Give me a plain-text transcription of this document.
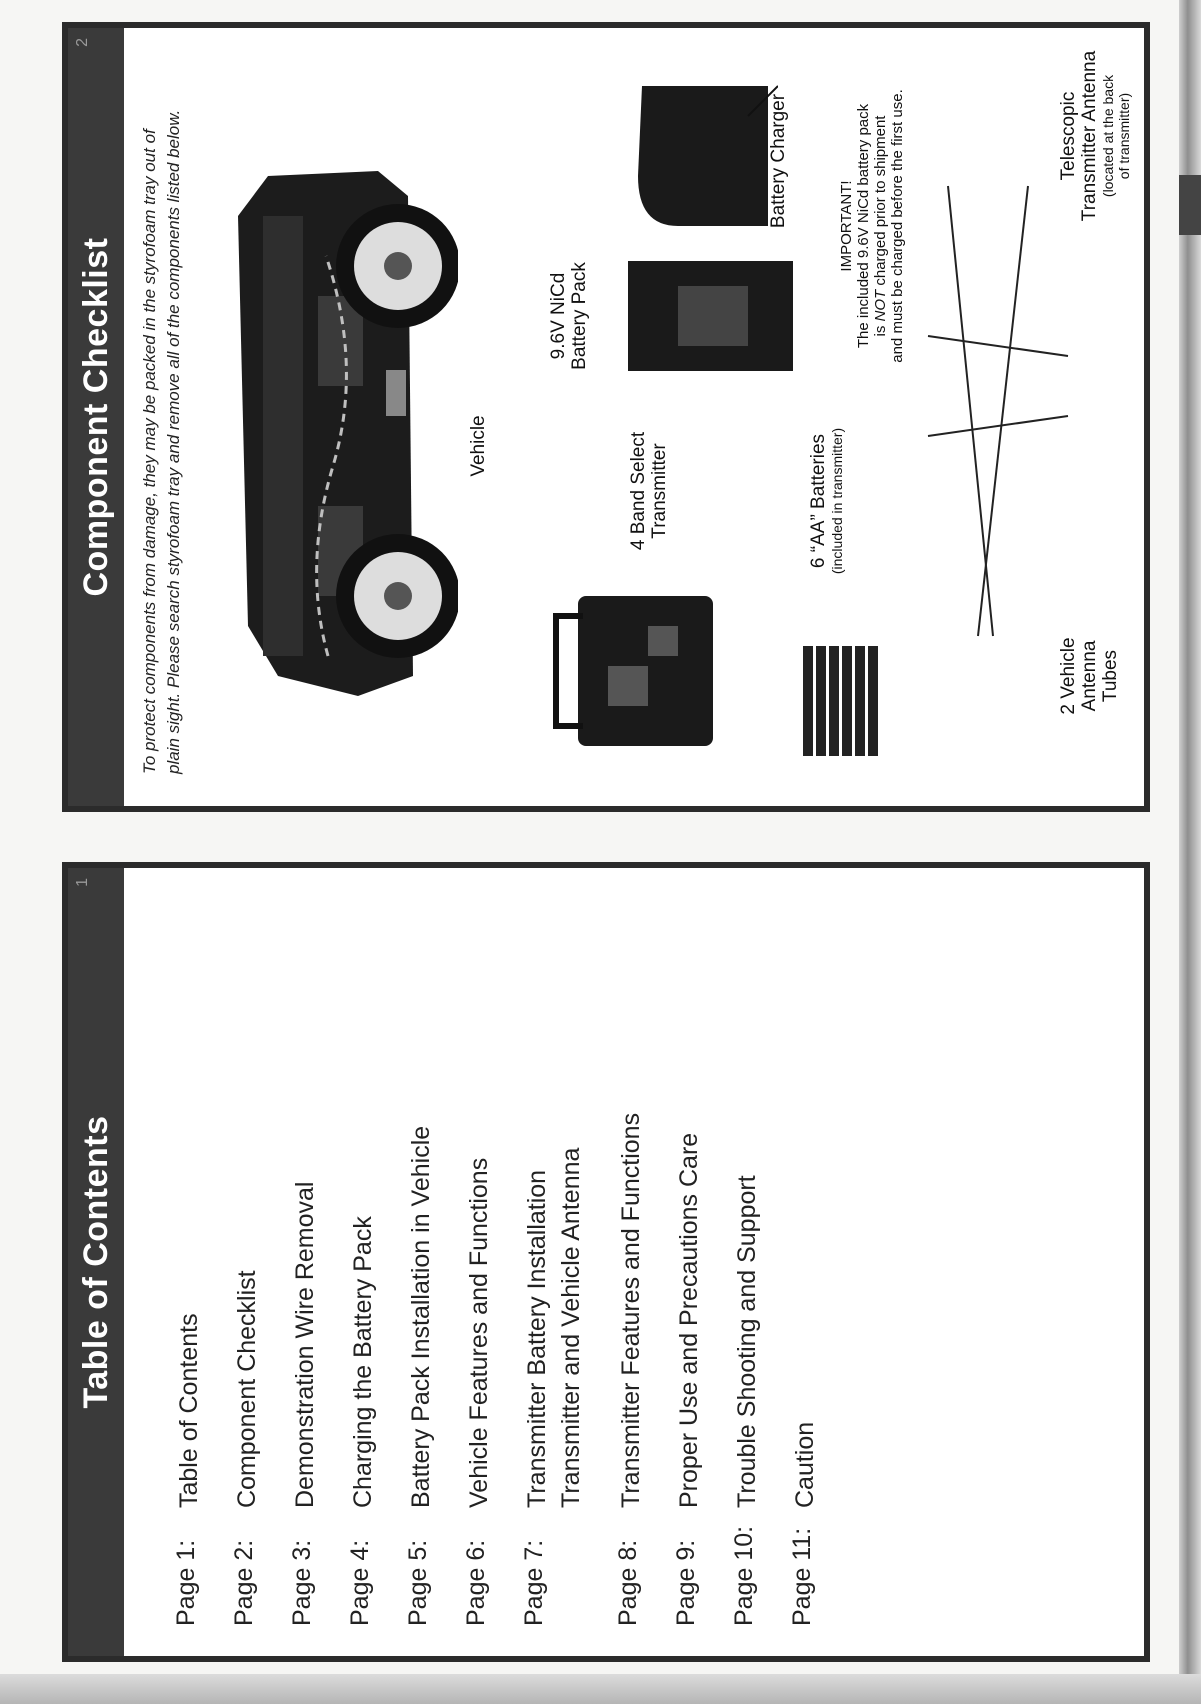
Table of Contents
1
Page 1:
Table of Contents
Page 2:
Component Checklist
Page 3:
Demonstration Wire Removal
Page 4:
Charging the Battery Pack
Page 5:
Battery Pack Installation in Vehicle
Page 6:
Vehicle Features and Functions
Page 7:
Transmitter Battery Installation Transmitter and Vehicle Antenna
Page 8:
Transmitter Features and Functions
Page 9:
Proper Use and Precautions Care
Page 10:
Trouble Shooting and Support
Page 11:
Caution
Component Checklist
2
To protect components from damage, they may be packed in the styrofoam tray out of plain sight. Please search styrofoam tray and remove all of the components listed below.	Vehicle
Battery Charger
9.6V NiCd
Battery Pack
4 Band Select
Transmitter	6 “AA” Batteries (included in transmitter)
IMPORTANT!
The included 9.6V NiCd battery pack
is NOT charged prior to shipment
and must be charged before the first use.
2 Vehicle
Antenna
Tubes
Telescopic
Transmitter Antenna (located at the back of transmitter)
